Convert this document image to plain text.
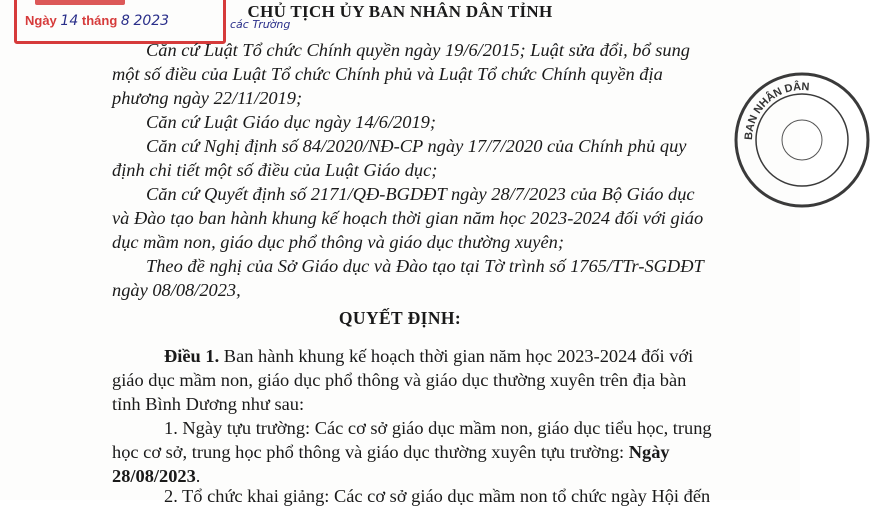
Ngày 14 tháng 8 2023	các Trường
CHỦ TỊCH ỦY BAN NHÂN DÂN TỈNH
Căn cứ Luật Tổ chức Chính quyền ngày 19/6/2015; Luật sửa đổi, bổ sung một số điều của Luật Tổ chức Chính phủ và Luật Tổ chức Chính quyền địa phương ngày 22/11/2019;
Căn cứ Luật Giáo dục ngày 14/6/2019;
Căn cứ Nghị định số 84/2020/NĐ-CP ngày 17/7/2020 của Chính phủ quy định chi tiết một số điều của Luật Giáo dục;
Căn cứ Quyết định số 2171/QĐ-BGDĐT ngày 28/7/2023 của Bộ Giáo dục và Đào tạo ban hành khung kế hoạch thời gian năm học 2023-2024 đối với giáo dục mầm non, giáo dục phổ thông và giáo dục thường xuyên;
Theo đề nghị của Sở Giáo dục và Đào tạo tại Tờ trình số 1765/TTr-SGDĐT ngày 08/08/2023,
QUYẾT ĐỊNH:
Điều 1. Ban hành khung kế hoạch thời gian năm học 2023-2024 đối với giáo dục mầm non, giáo dục phổ thông và giáo dục thường xuyên trên địa bàn tỉnh Bình Dương như sau:
1. Ngày tựu trường: Các cơ sở giáo dục mầm non, giáo dục tiểu học, trung học cơ sở, trung học phổ thông và giáo dục thường xuyên tựu trường: Ngày 28/08/2023.
2. Tổ chức khai giảng: Các cơ sở giáo dục mầm non tổ chức ngày Hội đến
BAN NHÂN DÂN
